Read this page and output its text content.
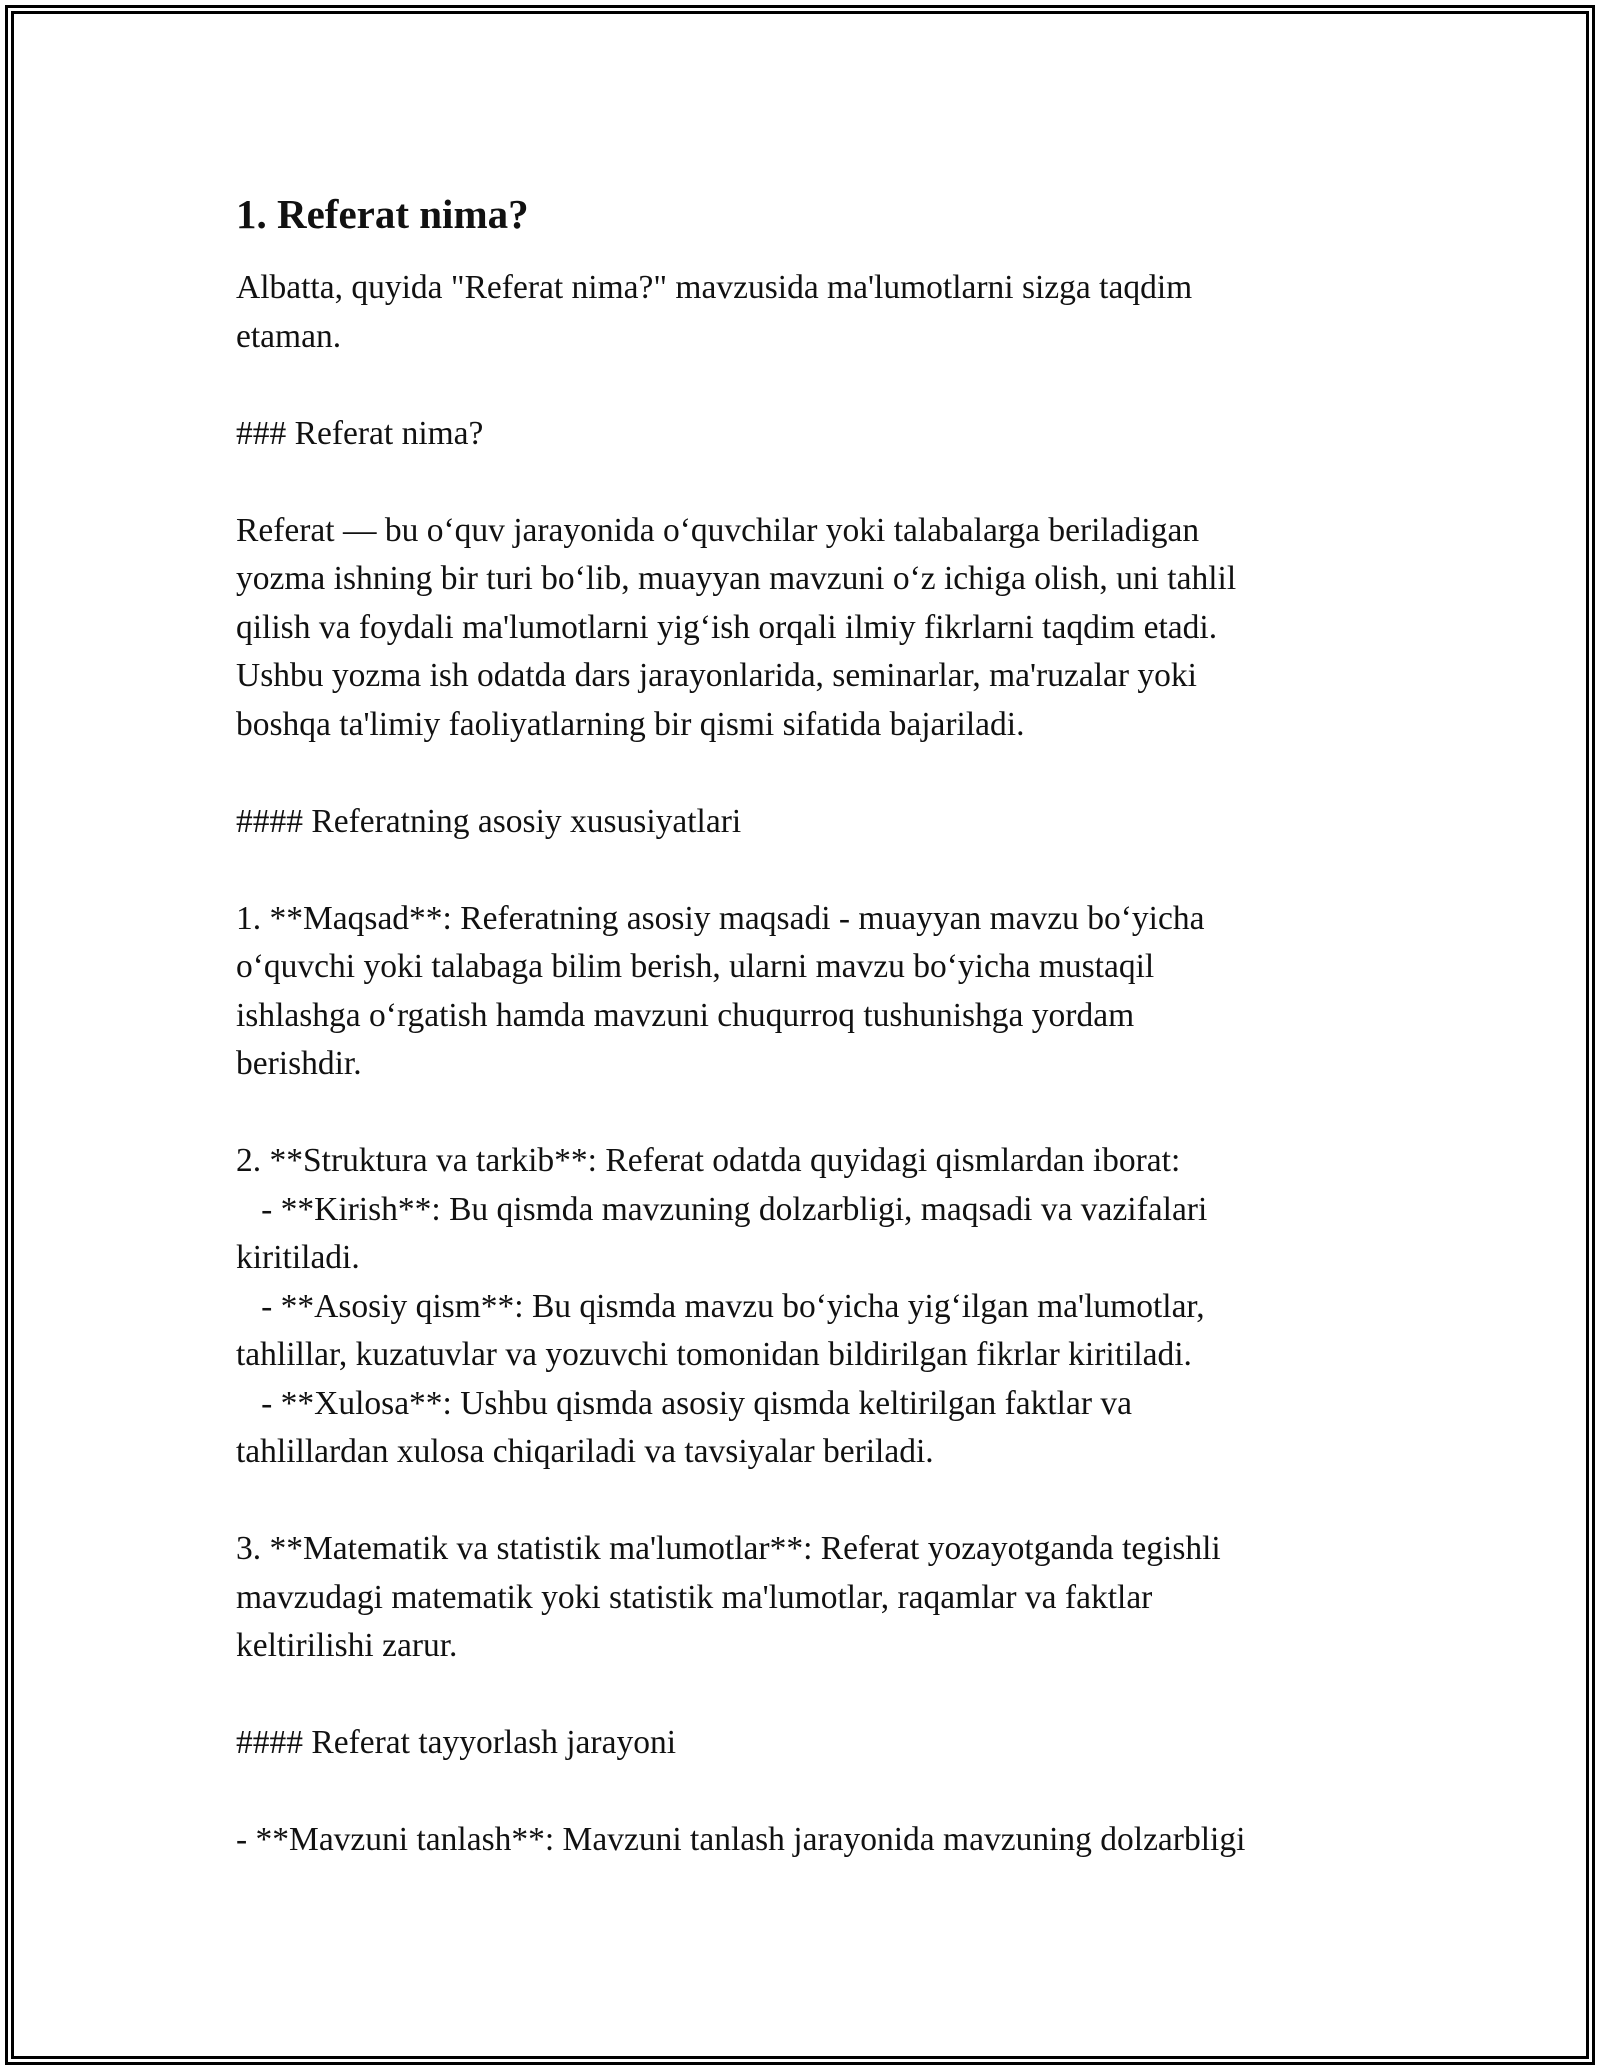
1. Referat nima?
Albatta, quyida "Referat nima?" mavzusida ma'lumotlarni sizga taqdim
etaman.
### Referat nima?
Referat — bu o‘quv jarayonida o‘quvchilar yoki talabalarga beriladigan
yozma ishning bir turi bo‘lib, muayyan mavzuni o‘z ichiga olish, uni tahlil
qilish va foydali ma'lumotlarni yig‘ish orqali ilmiy fikrlarni taqdim etadi.
Ushbu yozma ish odatda dars jarayonlarida, seminarlar, ma'ruzalar yoki
boshqa ta'limiy faoliyatlarning bir qismi sifatida bajariladi.
#### Referatning asosiy xususiyatlari
1. **Maqsad**: Referatning asosiy maqsadi - muayyan mavzu bo‘yicha
o‘quvchi yoki talabaga bilim berish, ularni mavzu bo‘yicha mustaqil
ishlashga o‘rgatish hamda mavzuni chuqurroq tushunishga yordam
berishdir.
2. **Struktura va tarkib**: Referat odatda quyidagi qismlardan iborat:
- **Kirish**: Bu qismda mavzuning dolzarbligi, maqsadi va vazifalari
kiritiladi.
- **Asosiy qism**: Bu qismda mavzu bo‘yicha yig‘ilgan ma'lumotlar,
tahlillar, kuzatuvlar va yozuvchi tomonidan bildirilgan fikrlar kiritiladi.
- **Xulosa**: Ushbu qismda asosiy qismda keltirilgan faktlar va
tahlillardan xulosa chiqariladi va tavsiyalar beriladi.
3. **Matematik va statistik ma'lumotlar**: Referat yozayotganda tegishli
mavzudagi matematik yoki statistik ma'lumotlar, raqamlar va faktlar
keltirilishi zarur.
#### Referat tayyorlash jarayoni
- **Mavzuni tanlash**: Mavzuni tanlash jarayonida mavzuning dolzarbligi
